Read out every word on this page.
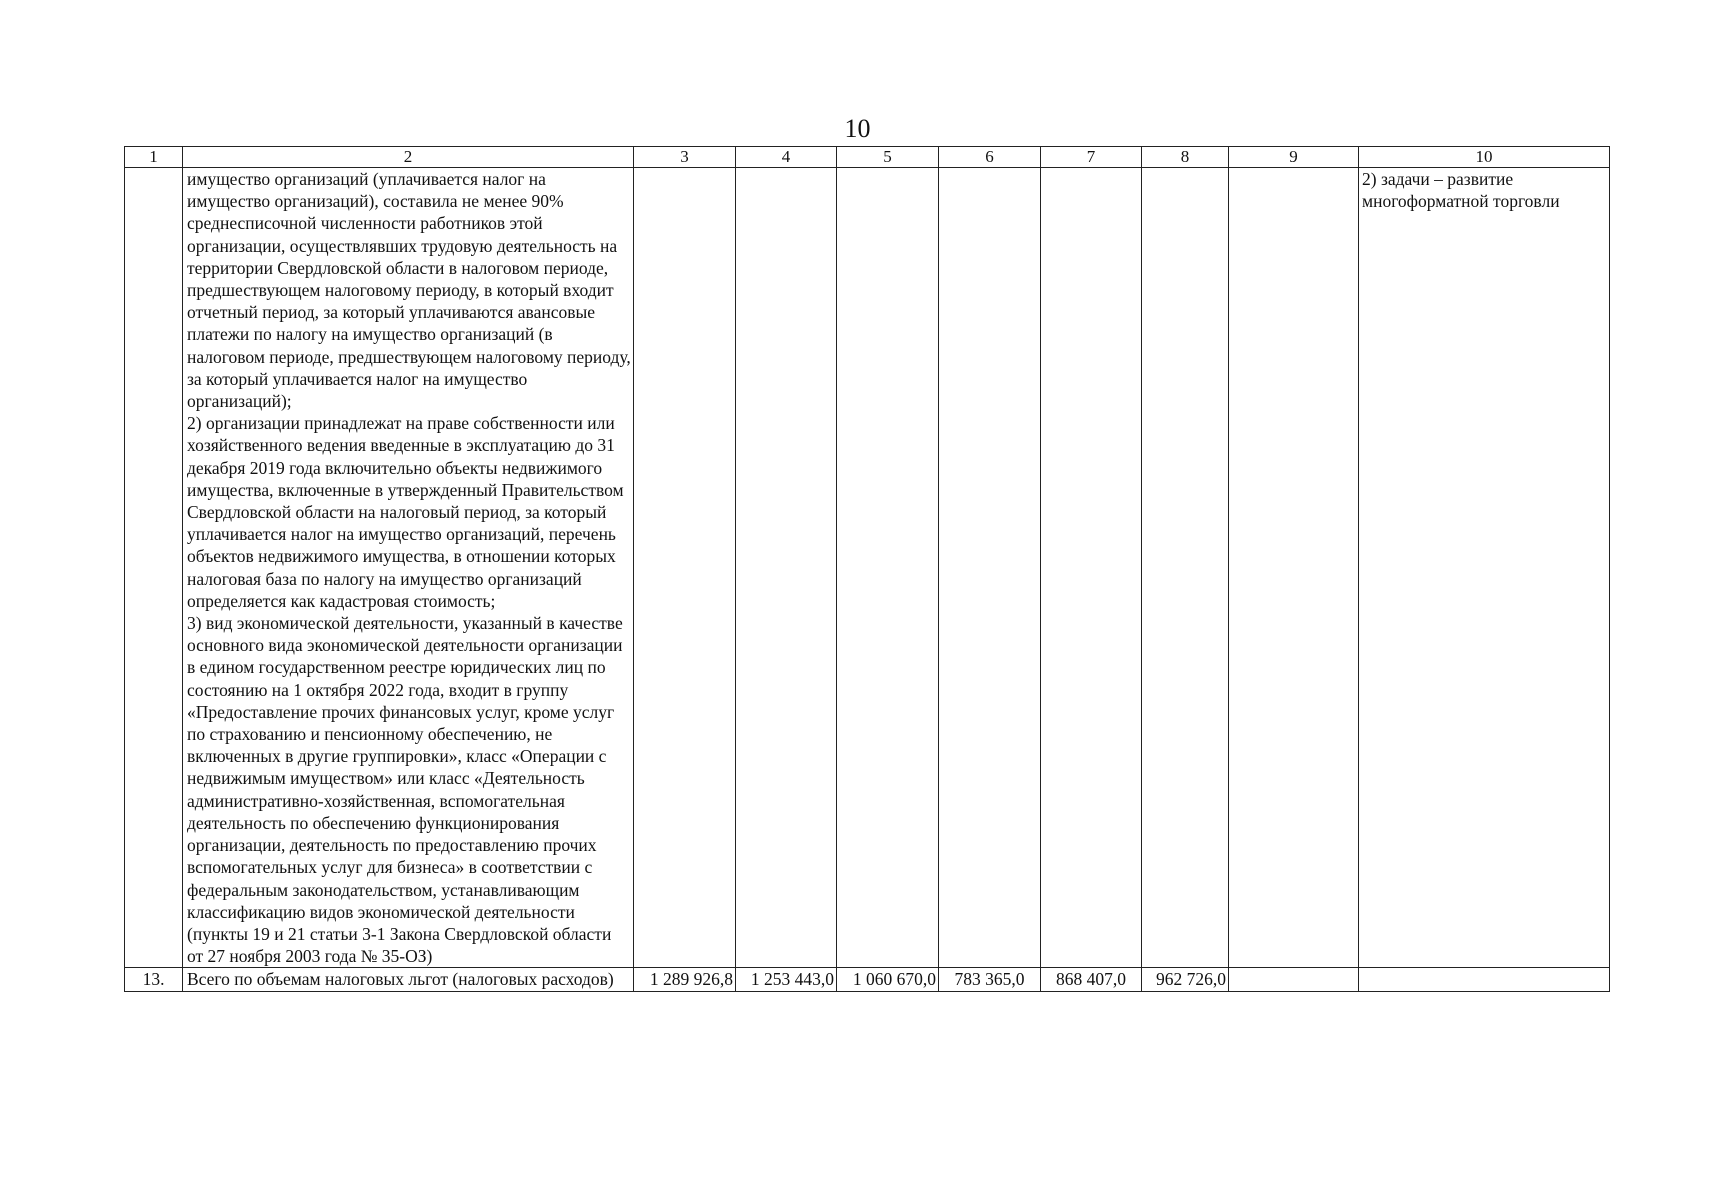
10
1	2	3	4	5	6	7	8	9	10

	имущество организаций (уплачивается налог на имущество организаций), составила не менее 90% среднесписочной численности работников этой организации, осуществлявших трудовую деятельность на территории Свердловской области в налоговом периоде, предшествующем налоговому периоду, в который входит отчетный период, за который уплачиваются авансовые платежи по налогу на имущество организаций (в налоговом периоде, предшествующем налоговому периоду, за который уплачивается налог на имущество организаций);
2) организации принадлежат на праве собственности или хозяйственного ведения введенные в эксплуатацию до 31 декабря 2019 года включительно объекты недвижимого имущества, включенные в утвержденный Правительством Свердловской области на налоговый период, за который уплачивается налог на имущество организаций, перечень объектов недвижимого имущества, в отношении которых налоговая база по налогу на имущество организаций определяется как кадастровая стоимость;
3) вид экономической деятельности, указанный в качестве основного вида экономической деятельности организации в едином государственном реестре юридических лиц по состоянию на 1 октября 2022 года, входит в группу «Предоставление прочих финансовых услуг, кроме услуг по страхованию и пенсионному обеспечению, не включенных в другие группировки», класс «Операции с недвижимым имуществом» или класс «Деятельность административно-хозяйственная, вспомогательная деятельность по обеспечению функционирования организации, деятельность по предоставлению прочих вспомогательных услуг для бизнеса» в соответствии с федеральным законодательством, устанавливающим классификацию видов экономической деятельности (пункты 19 и 21 статьи 3-1 Закона Свердловской области от 27 ноября 2003 года № 35-ОЗ)								2) задачи – развитие многоформатной торговли
13.	Всего по объемам налоговых льгот (налоговых расходов)	1 289 926,8	1 253 443,0	1 060 670,0	783 365,0	868 407,0	962 726,0		
